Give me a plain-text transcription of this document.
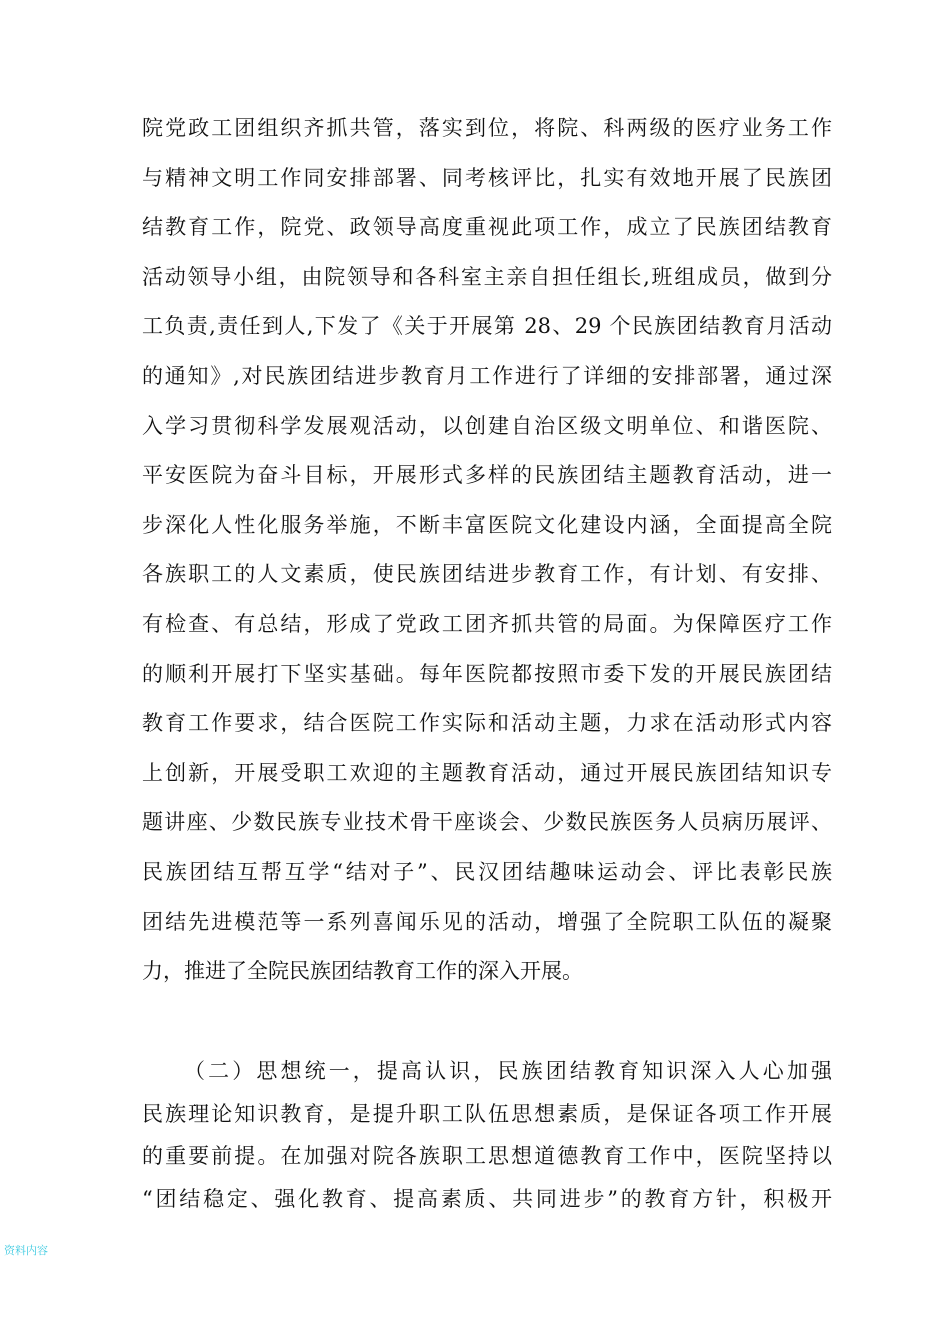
院党政工团组织齐抓共管，落实到位，将院、科两级的医疗业务工作
与精神文明工作同安排部署、同考核评比，扎实有效地开展了民族团
结教育工作，院党、政领导高度重视此项工作，成立了民族团结教育
活动领导小组，由院领导和各科室主亲自担任组长,班组成员，做到分
工负责,责任到人,下发了《关于开展第 28、29 个民族团结教育月活动
的通知》,对民族团结进步教育月工作进行了详细的安排部署，通过深
入学习贯彻科学发展观活动，以创建自治区级文明单位、和谐医院、
平安医院为奋斗目标，开展形式多样的民族团结主题教育活动，进一
步深化人性化服务举施，不断丰富医院文化建设内涵，全面提高全院
各族职工的人文素质，使民族团结进步教育工作，有计划、有安排、
有检查、有总结，形成了党政工团齐抓共管的局面。为保障医疗工作
的顺利开展打下坚实基础。每年医院都按照市委下发的开展民族团结
教育工作要求，结合医院工作实际和活动主题，力求在活动形式内容
上创新，开展受职工欢迎的主题教育活动，通过开展民族团结知识专
题讲座、少数民族专业技术骨干座谈会、少数民族医务人员病历展评、
民族团结互帮互学“结对子”、民汉团结趣味运动会、评比表彰民族
团结先进模范等一系列喜闻乐见的活动，增强了全院职工队伍的凝聚
力，推进了全院民族团结教育工作的深入开展。
（二）思想统一，提高认识，民族团结教育知识深入人心加强
民族理论知识教育，是提升职工队伍思想素质，是保证各项工作开展
的重要前提。在加强对院各族职工思想道德教育工作中，医院坚持以
“团结稳定、强化教育、提高素质、共同进步”的教育方针，积极开
资料内容
